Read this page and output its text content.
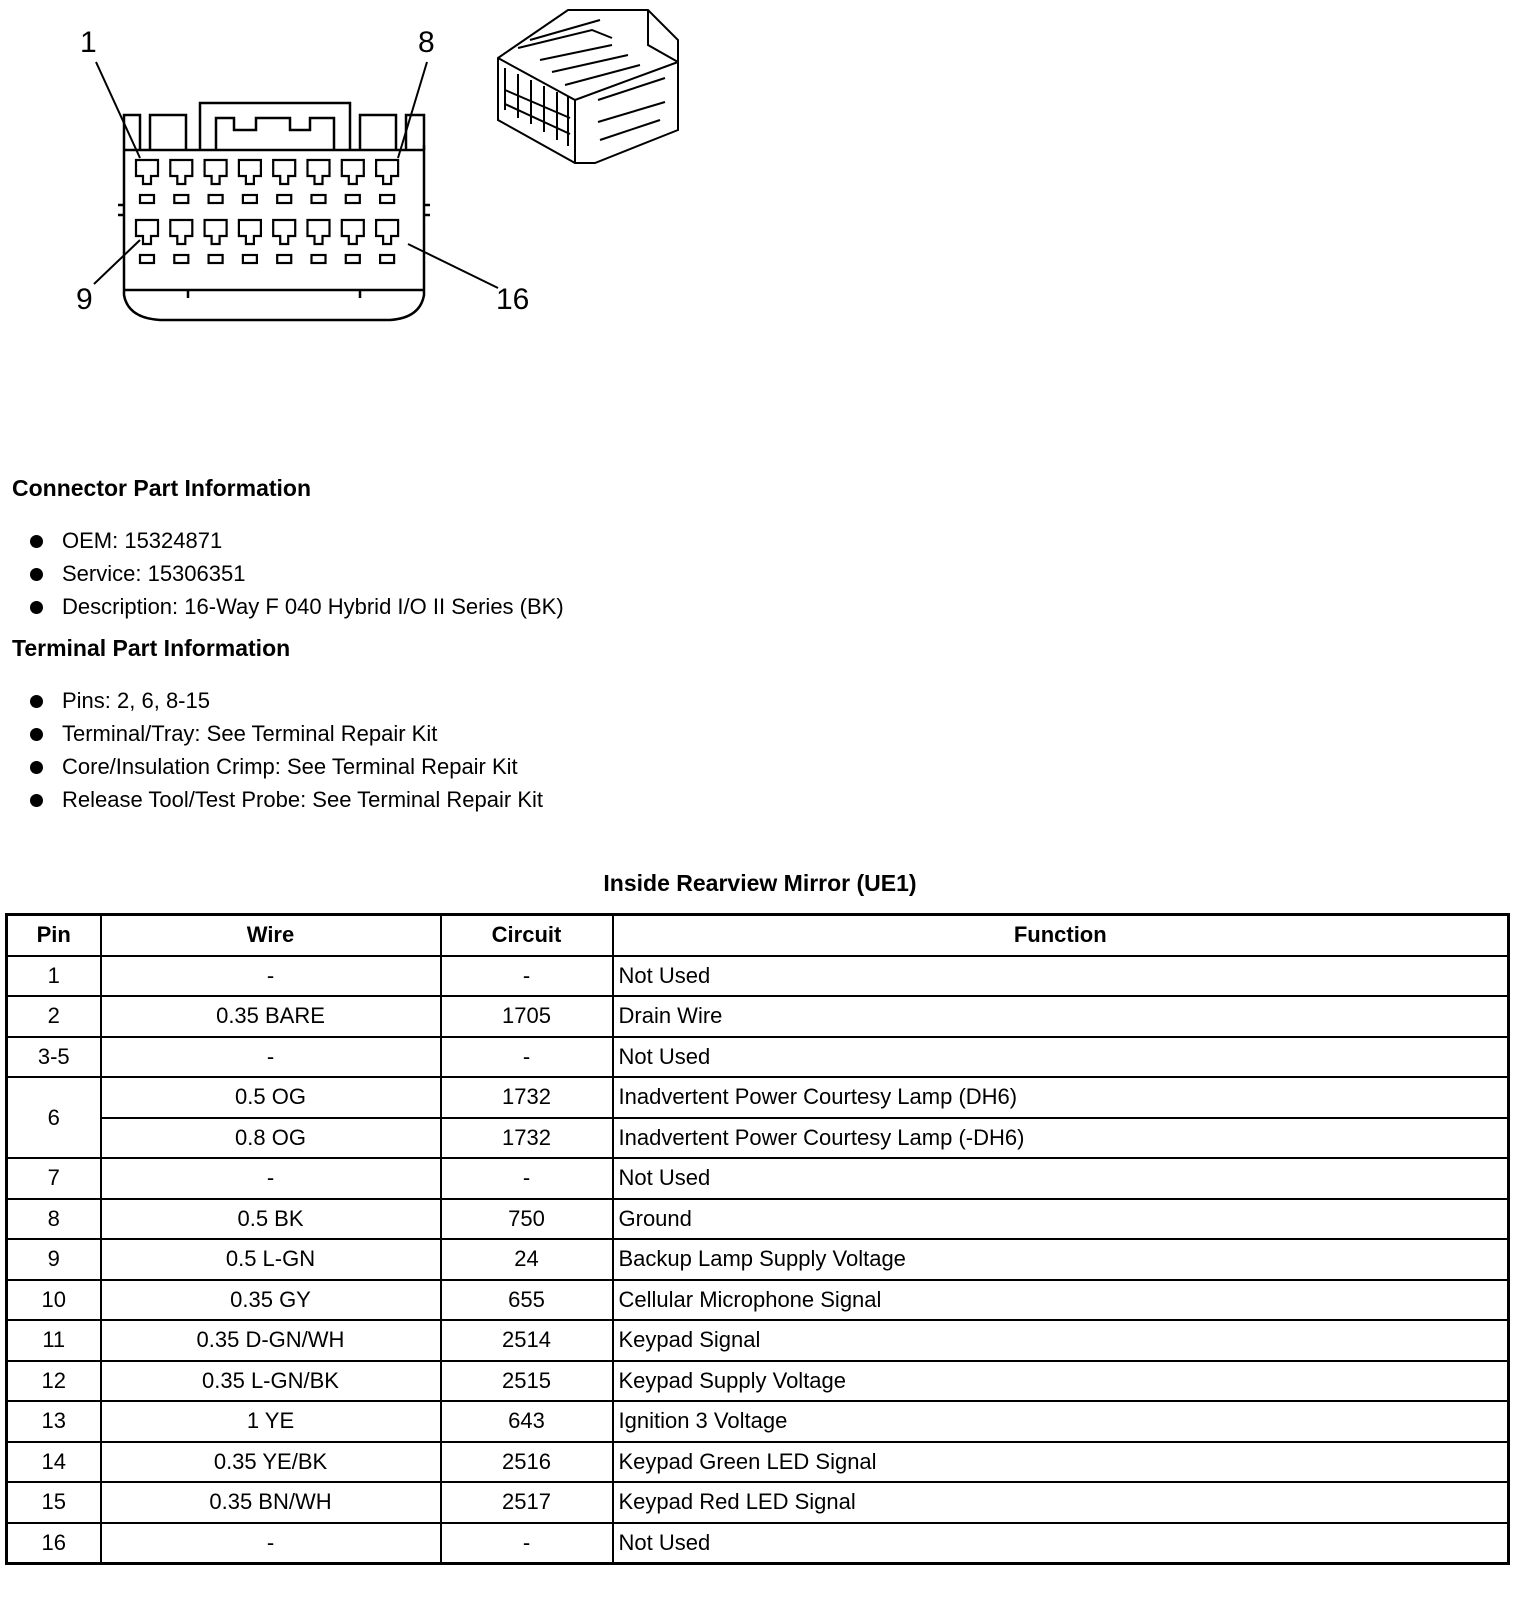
1	8
9	16
Connector Part Information
OEM: 15324871
Service: 15306351
Description: 16-Way F 040 Hybrid I/O II Series (BK)
Terminal Part Information
Pins: 2, 6, 8-15
Terminal/Tray: See Terminal Repair Kit
Core/Insulation Crimp: See Terminal Repair Kit
Release Tool/Test Probe: See Terminal Repair Kit
Inside Rearview Mirror (UE1)
Pin	Wire	Circuit	Function
1	-	-	Not Used
2	0.35 BARE	1705	Drain Wire
3-5	-	-	Not Used
6	0.5 OG	1732	Inadvertent Power Courtesy Lamp (DH6)
	0.8 OG	1732	Inadvertent Power Courtesy Lamp (-DH6)
7	-	-	Not Used
8	0.5 BK	750	Ground
9	0.5 L-GN	24	Backup Lamp Supply Voltage
10	0.35 GY	655	Cellular Microphone Signal
11	0.35 D-GN/WH	2514	Keypad Signal
12	0.35 L-GN/BK	2515	Keypad Supply Voltage
13	1 YE	643	Ignition 3 Voltage
14	0.35 YE/BK	2516	Keypad Green LED Signal
15	0.35 BN/WH	2517	Keypad Red LED Signal
16	-	-	Not Used
